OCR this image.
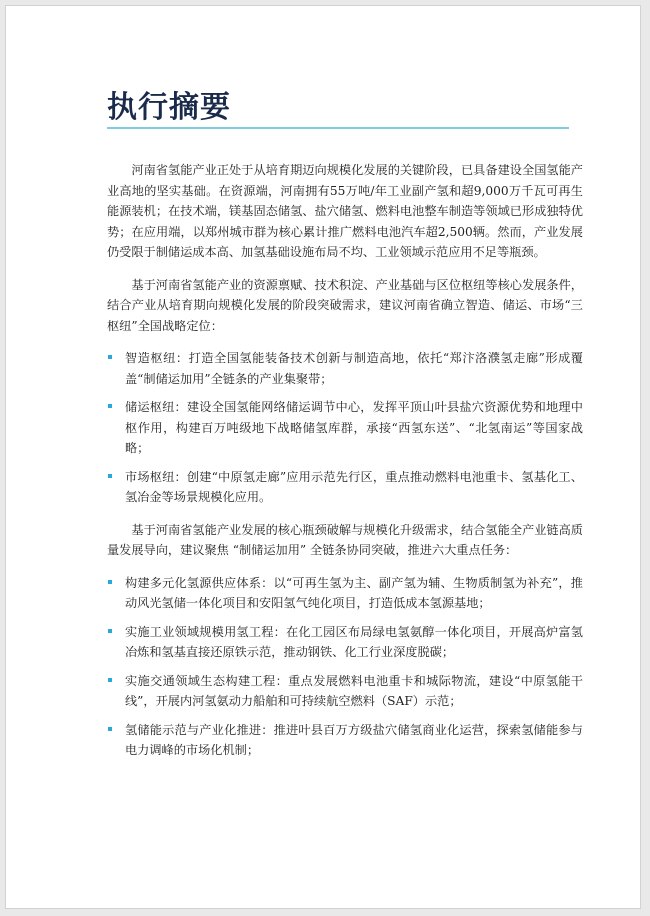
执行摘要

河南省氢能产业正处于从培育期迈向规模化发展的关键阶段，已具备建设全国氢能产业高地的坚实基础。在资源端，河南拥有55万吨/年工业副产氢和超9,000万千瓦可再生能源装机；在技术端，镁基固态储氢、盐穴储氢、燃料电池整车制造等领域已形成独特优势；在应用端，以郑州城市群为核心累计推广燃料电池汽车超2,500辆。然而，产业发展仍受限于制储运成本高、加氢基础设施布局不均、工业领域示范应用不足等瓶颈。

基于河南省氢能产业的资源禀赋、技术积淀、产业基础与区位枢纽等核心发展条件，结合产业从培育期向规模化发展的阶段突破需求，建议河南省确立智造、储运、市场“三枢纽”全国战略定位：

智造枢纽：打造全国氢能装备技术创新与制造高地，依托“郑汴洛濮氢走廊”形成覆盖“制储运加用”全链条的产业集聚带；
储运枢纽：建设全国氢能网络储运调节中心，发挥平顶山叶县盐穴资源优势和地理中枢作用，构建百万吨级地下战略储氢库群，承接“西氢东送”、“北氢南运”等国家战略；
市场枢纽：创建“中原氢走廊”应用示范先行区，重点推动燃料电池重卡、氢基化工、氢冶金等场景规模化应用。

基于河南省氢能产业发展的核心瓶颈破解与规模化升级需求，结合氢能全产业链高质量发展导向，建议聚焦 “制储运加用” 全链条协同突破，推进六大重点任务：

构建多元化氢源供应体系：以“可再生氢为主、副产氢为辅、生物质制氢为补充”，推动风光氢储一体化项目和安阳氢气纯化项目，打造低成本氢源基地；
实施工业领域规模用氢工程：在化工园区布局绿电氢氨醇一体化项目，开展高炉富氢冶炼和氢基直接还原铁示范，推动钢铁、化工行业深度脱碳；
实施交通领域生态构建工程：重点发展燃料电池重卡和城际物流，建设“中原氢能干线”，开展内河氢氨动力船舶和可持续航空燃料（SAF）示范；
氢储能示范与产业化推进：推进叶县百万方级盐穴储氢商业化运营，探索氢储能参与电力调峰的市场化机制；
